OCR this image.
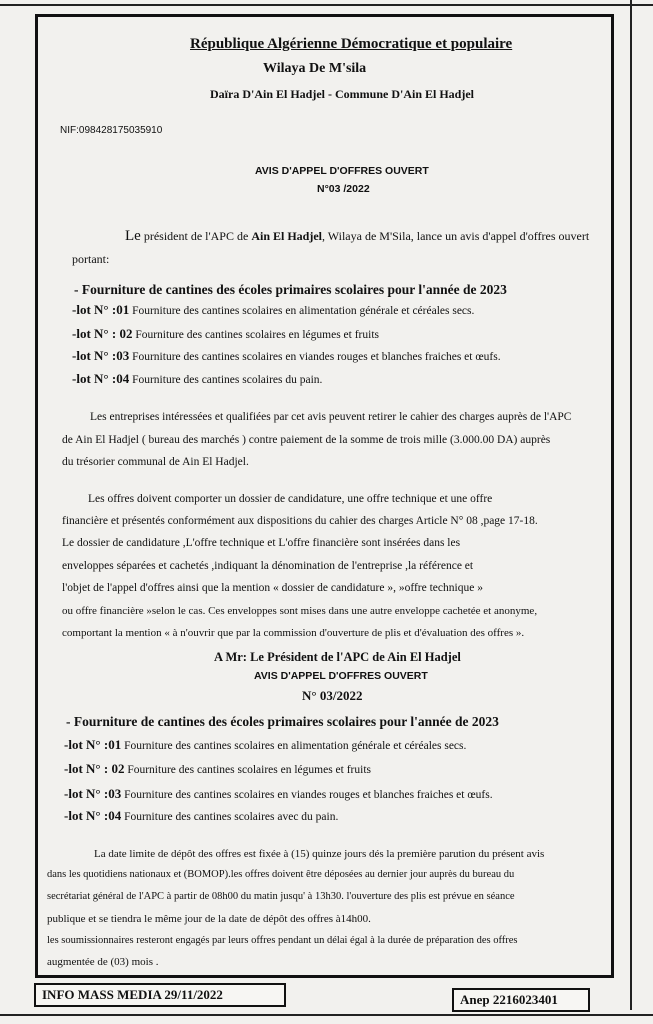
République Algérienne Démocratique et populaire

Wilaya De M'sila

Daïra D'Ain El Hadjel - Commune D'Ain El Hadjel

NIF:098428175035910

AVIS D'APPEL D'OFFRES OUVERT

N°03 /2022

Le président de l'APC de Ain El Hadjel, Wilaya de M'Sila, lance un avis d'appel d'offres ouvert

portant:

- Fourniture de cantines des écoles primaires scolaires pour l'année de 2023

-lot N° :01 Fourniture des cantines scolaires en alimentation générale et céréales secs.

-lot N° : 02 Fourniture des cantines scolaires en légumes et fruits

-lot N° :03 Fourniture des cantines scolaires en viandes rouges et blanches fraiches et œufs.

-lot N° :04 Fourniture des cantines scolaires du pain.

Les entreprises intéressées et qualifiées par cet avis peuvent retirer le cahier des charges auprès de l'APC

de Ain El Hadjel ( bureau des marchés ) contre paiement de la somme de trois mille (3.000.00 DA) auprès

du trésorier communal de Ain El Hadjel.

Les offres doivent comporter un dossier de candidature, une offre technique et une offre

financière et présentés conformément aux dispositions du cahier des charges Article N° 08 ,page 17-18.

Le dossier de candidature ,L'offre technique et L'offre financière sont insérées dans les

enveloppes séparées et cachetés ,indiquant la dénomination de l'entreprise ,la référence et

l'objet de l'appel d'offres ainsi que la mention « dossier de candidature », »offre technique »

ou offre financière »selon le cas. Ces enveloppes sont mises dans une autre enveloppe cachetée et anonyme,

comportant la mention « à n'ouvrir que par la commission d'ouverture de plis et d'évaluation des offres ».

A Mr: Le Président de l'APC de Ain El Hadjel

AVIS D'APPEL D'OFFRES OUVERT

N° 03/2022

- Fourniture de cantines des écoles primaires scolaires pour l'année de 2023

-lot N° :01 Fourniture des cantines scolaires en alimentation générale et céréales secs.

-lot N° : 02 Fourniture des cantines scolaires en légumes et fruits

-lot N° :03 Fourniture des cantines scolaires en viandes rouges et blanches fraiches et œufs.

-lot N° :04 Fourniture des cantines scolaires avec du pain.

La date limite de dépôt des offres est fixée à (15) quinze jours dés la première parution du présent avis

dans les quotidiens nationaux et (BOMOP).les offres doivent être déposées au dernier jour auprès du bureau du

secrétariat général de l'APC à partir de 08h00 du matin jusqu' à 13h30. l'ouverture des plis est prévue en séance

publique et se tiendra le même jour de la date de dépôt des offres à14h00.

les soumissionnaires resteront engagés par leurs offres pendant un délai égal à la durée de préparation des offres

augmentée de (03) mois .

INFO MASS MEDIA 29/11/2022	Anep 2216023401
